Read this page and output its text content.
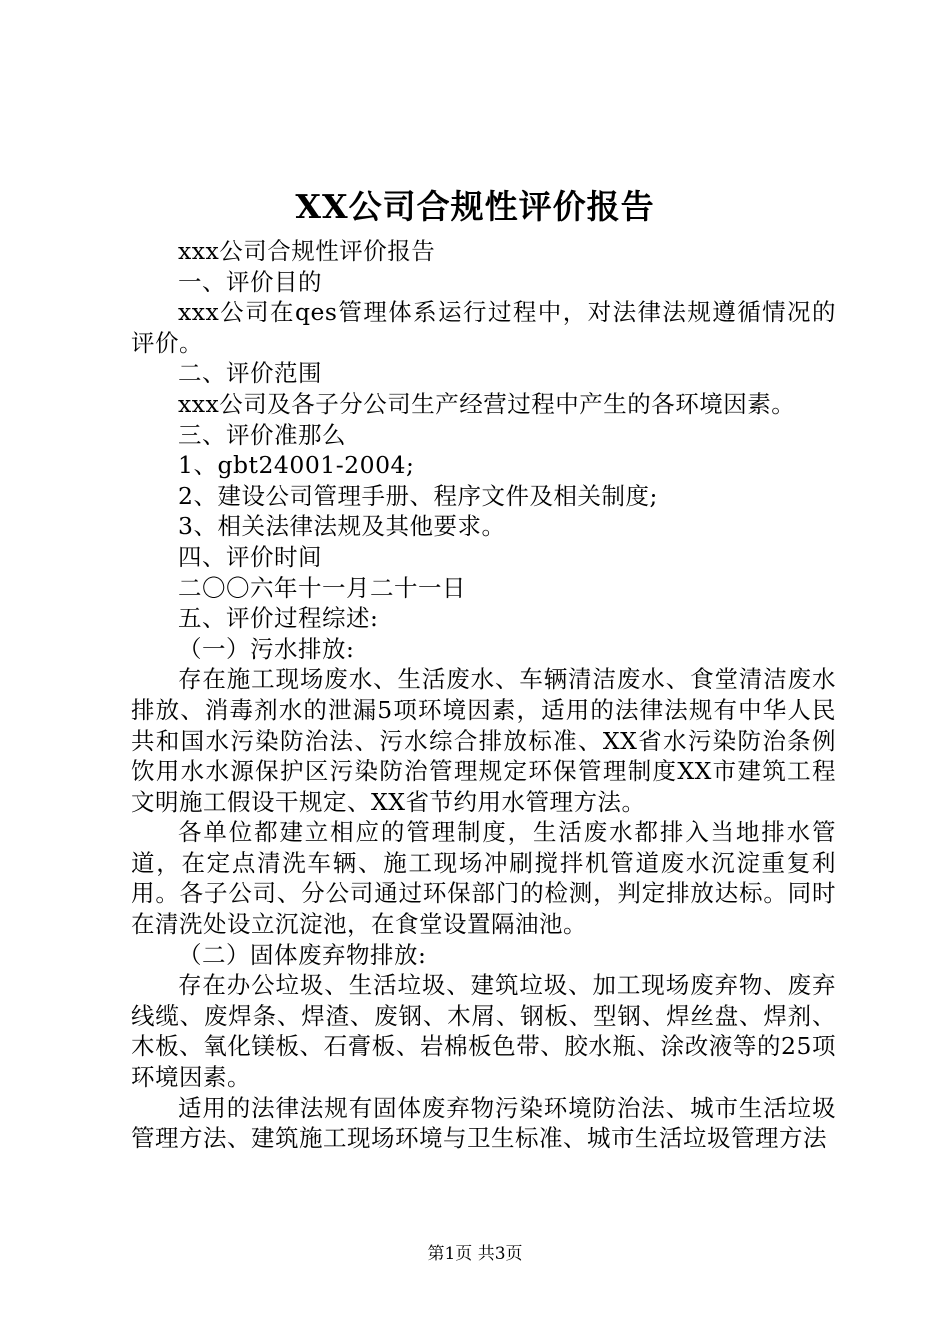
XX公司合规性评价报告

xxx公司合规性评价报告

一、评价目的

xxx公司在qes管理体系运行过程中，对法律法规遵循情况的评价。

二、评价范围

xxx公司及各子分公司生产经营过程中产生的各环境因素。

三、评价准那么

1、gbt24001-2004;

2、建设公司管理手册、程序文件及相关制度;

3、相关法律法规及其他要求。

四、评价时间

二〇〇六年十一月二十一日

五、评价过程综述:

（一）污水排放:

存在施工现场废水、生活废水、车辆清洁废水、食堂清洁废水排放、消毒剂水的泄漏5项环境因素，适用的法律法规有中华人民共和国水污染防治法、污水综合排放标准、XX省水污染防治条例饮用水水源保护区污染防治管理规定环保管理制度XX市建筑工程文明施工假设干规定、XX省节约用水管理方法。

各单位都建立相应的管理制度，生活废水都排入当地排水管道，在定点清洗车辆、施工现场冲刷搅拌机管道废水沉淀重复利用。各子公司、分公司通过环保部门的检测，判定排放达标。同时在清洗处设立沉淀池，在食堂设置隔油池。

（二）固体废弃物排放:

存在办公垃圾、生活垃圾、建筑垃圾、加工现场废弃物、废弃线缆、废焊条、焊渣、废钢、木屑、钢板、型钢、焊丝盘、焊剂、木板、氧化镁板、石膏板、岩棉板色带、胶水瓶、涂改液等的25项环境因素。

适用的法律法规有固体废弃物污染环境防治法、城市生活垃圾管理方法、建筑施工现场环境与卫生标准、城市生活垃圾管理方法

第1页 共3页
